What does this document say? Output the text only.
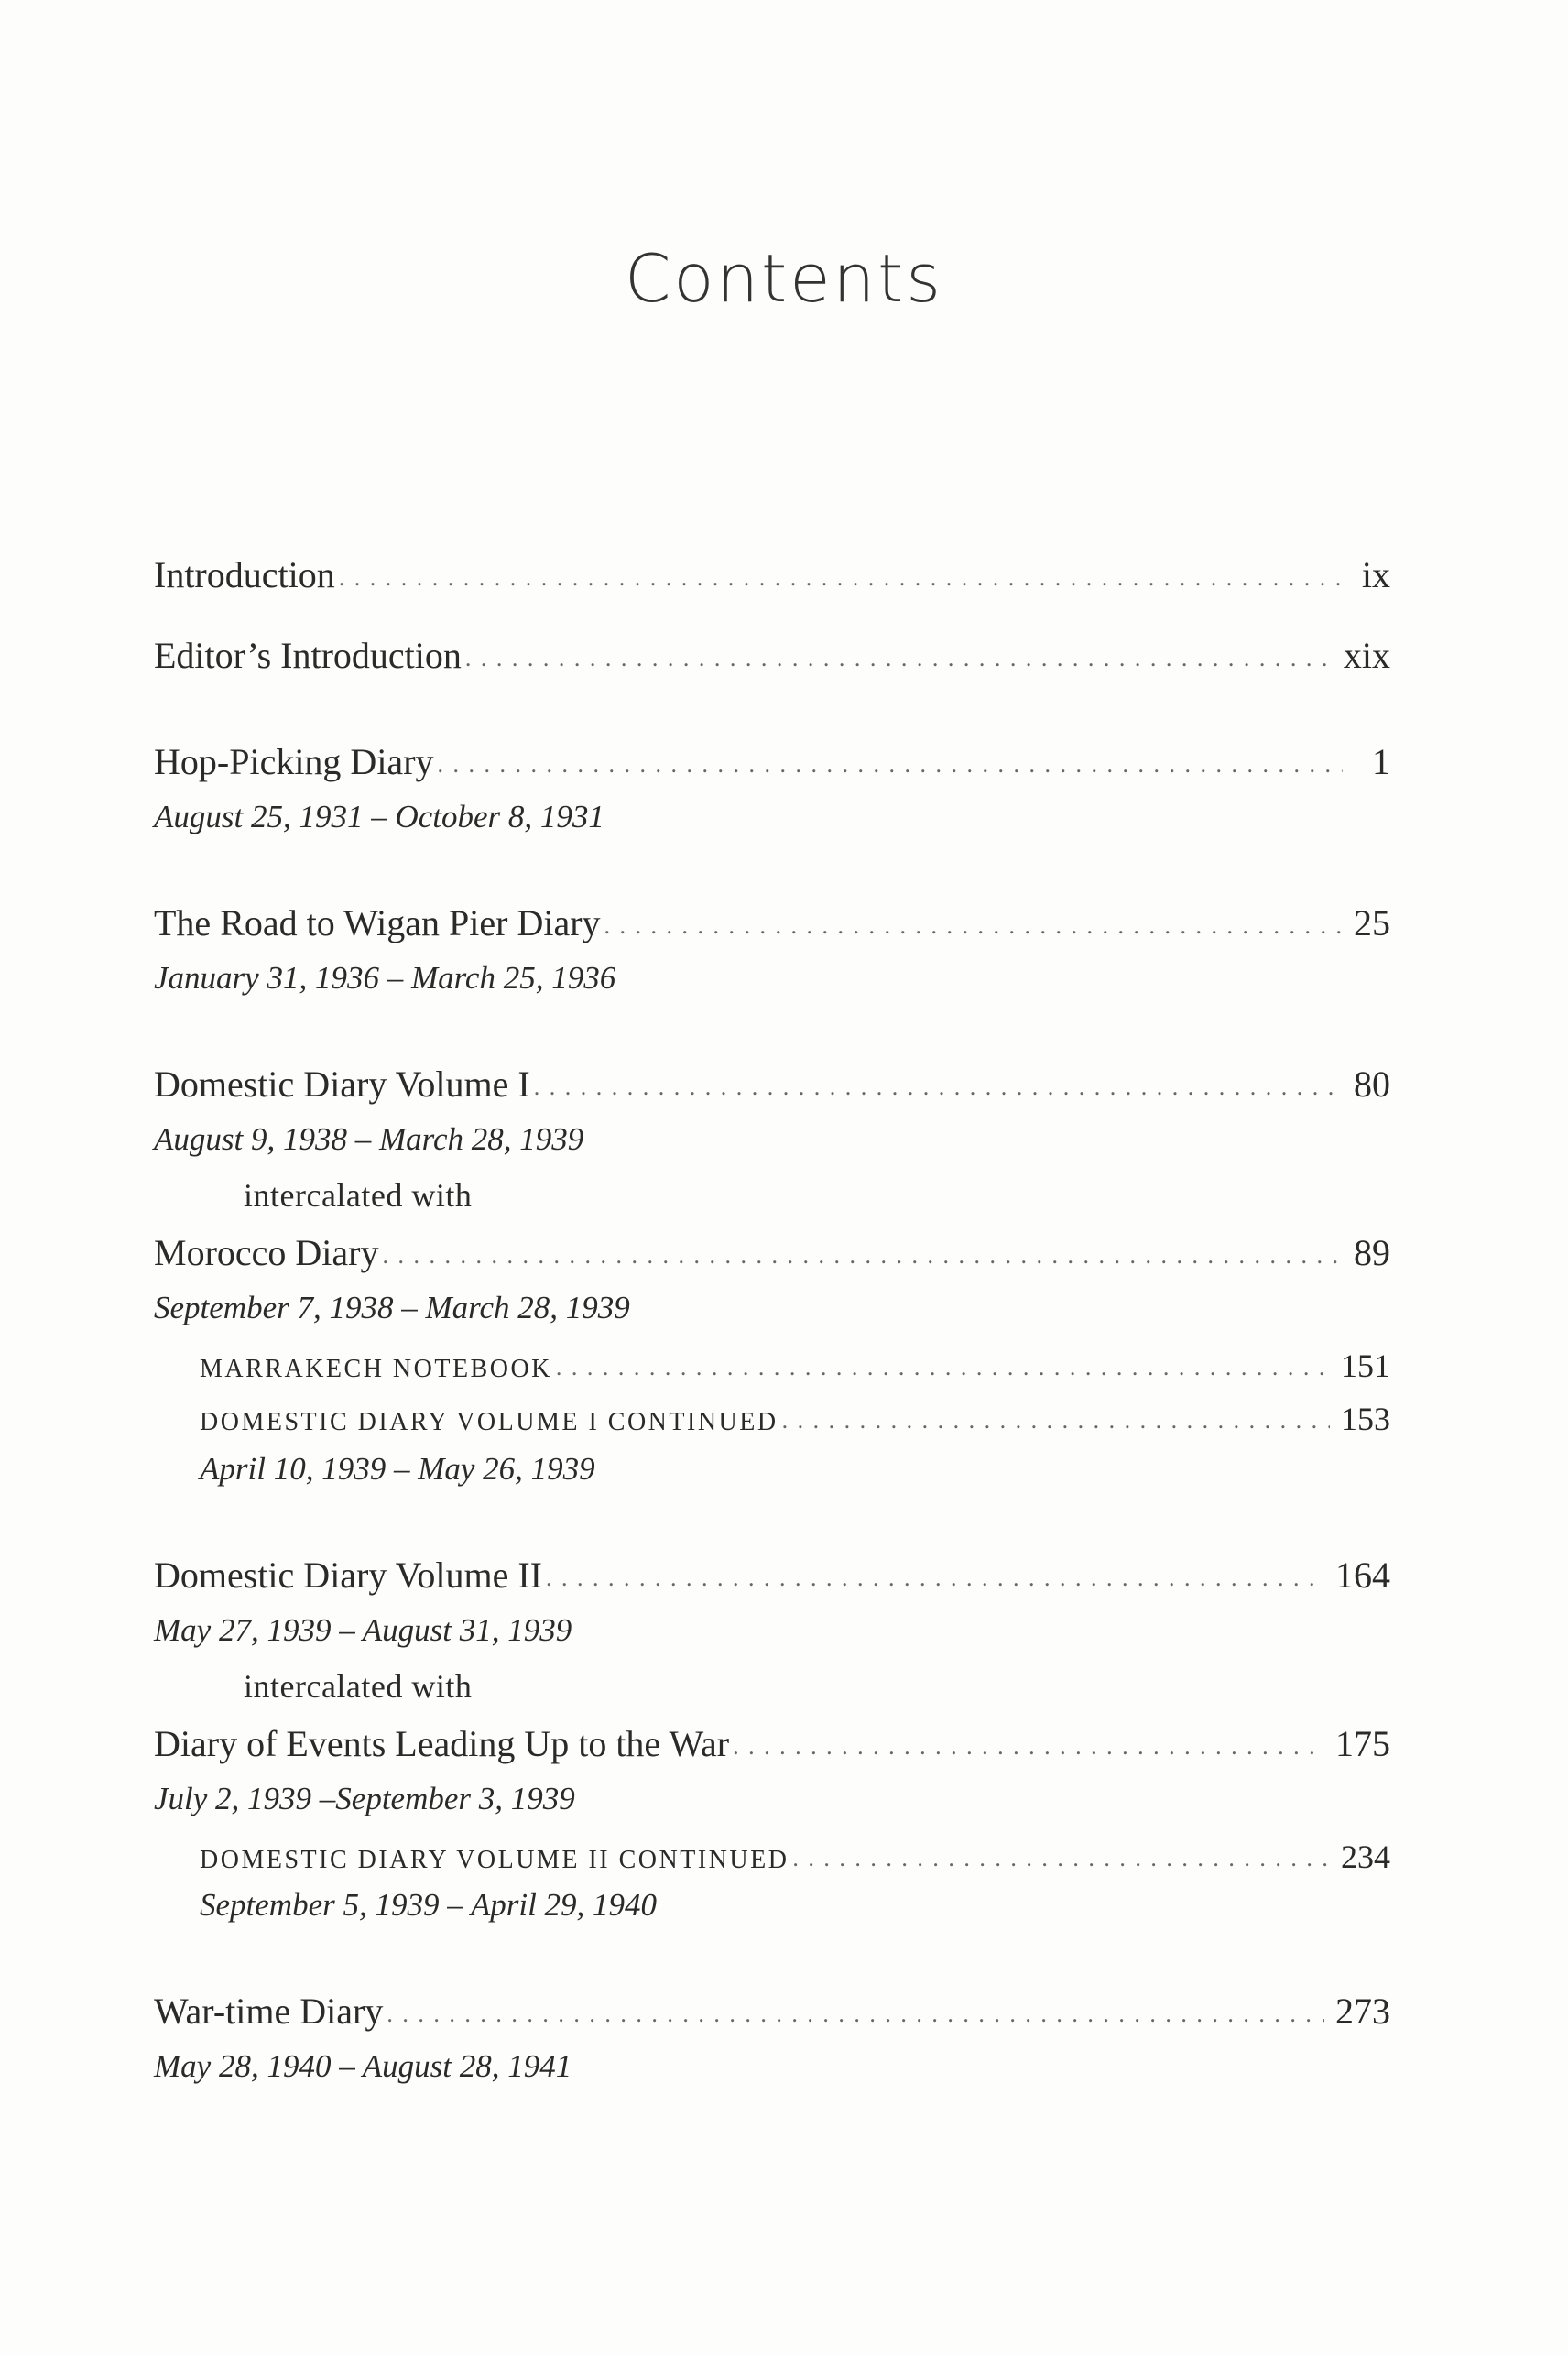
Contents
Introduction . . .	ix
Editor’s Introduction . . .	xix
Hop-Picking Diary . . .	1
August 25, 1931 – October 8, 1931
The Road to Wigan Pier Diary . . .	25
January 31, 1936 – March 25, 1936
Domestic Diary Volume I . . .	80
August 9, 1938 – March 28, 1939
intercalated with
Morocco Diary . . .	89
September 7, 1938 – March 28, 1939
MARRAKECH NOTEBOOK . . .	151
DOMESTIC DIARY VOLUME I CONTINUED . . .	153
April 10, 1939 – May 26, 1939
Domestic Diary Volume II . . .	164
May 27, 1939 – August 31, 1939
intercalated with
Diary of Events Leading Up to the War . . .	175
July 2, 1939 –September 3, 1939
DOMESTIC DIARY VOLUME II CONTINUED . . .	234
September 5, 1939 – April 29, 1940
War-time Diary . . .	273
May 28, 1940 – August 28, 1941
